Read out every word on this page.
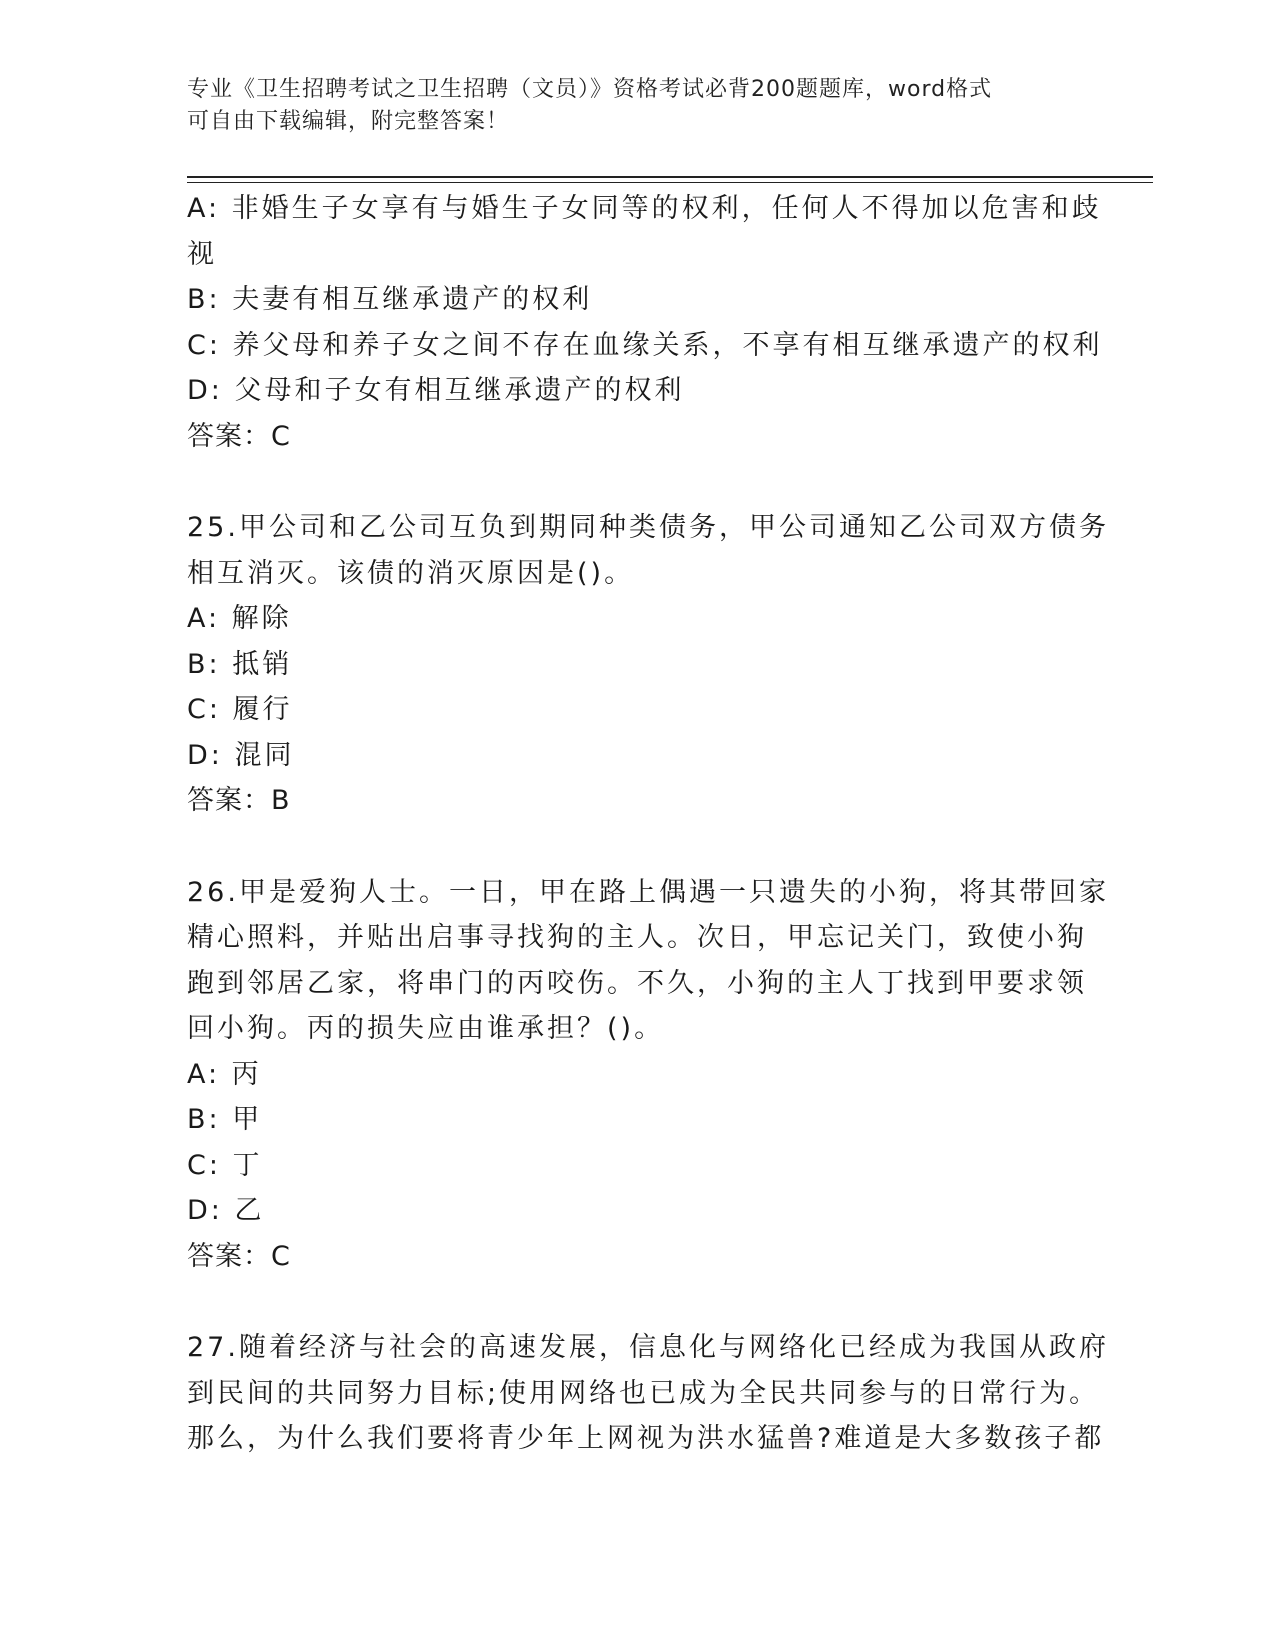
专业《卫生招聘考试之卫生招聘（文员）》资格考试必背200题题库，word格式
可自由下载编辑，附完整答案！
A: 非婚生子女享有与婚生子女同等的权利，任何人不得加以危害和歧
视
B: 夫妻有相互继承遗产的权利
C: 养父母和养子女之间不存在血缘关系，不享有相互继承遗产的权利
D: 父母和子女有相互继承遗产的权利
答案：C
25.甲公司和乙公司互负到期同种类债务，甲公司通知乙公司双方债务
相互消灭。该债的消灭原因是()。
A: 解除
B: 抵销
C: 履行
D: 混同
答案：B
26.甲是爱狗人士。一日，甲在路上偶遇一只遗失的小狗，将其带回家
精心照料，并贴出启事寻找狗的主人。次日，甲忘记关门，致使小狗
跑到邻居乙家，将串门的丙咬伤。不久，小狗的主人丁找到甲要求领
回小狗。丙的损失应由谁承担？()。
A: 丙
B: 甲
C: 丁
D: 乙
答案：C
27.随着经济与社会的高速发展，信息化与网络化已经成为我国从政府
到民间的共同努力目标;使用网络也已成为全民共同参与的日常行为。
那么，为什么我们要将青少年上网视为洪水猛兽?难道是大多数孩子都
